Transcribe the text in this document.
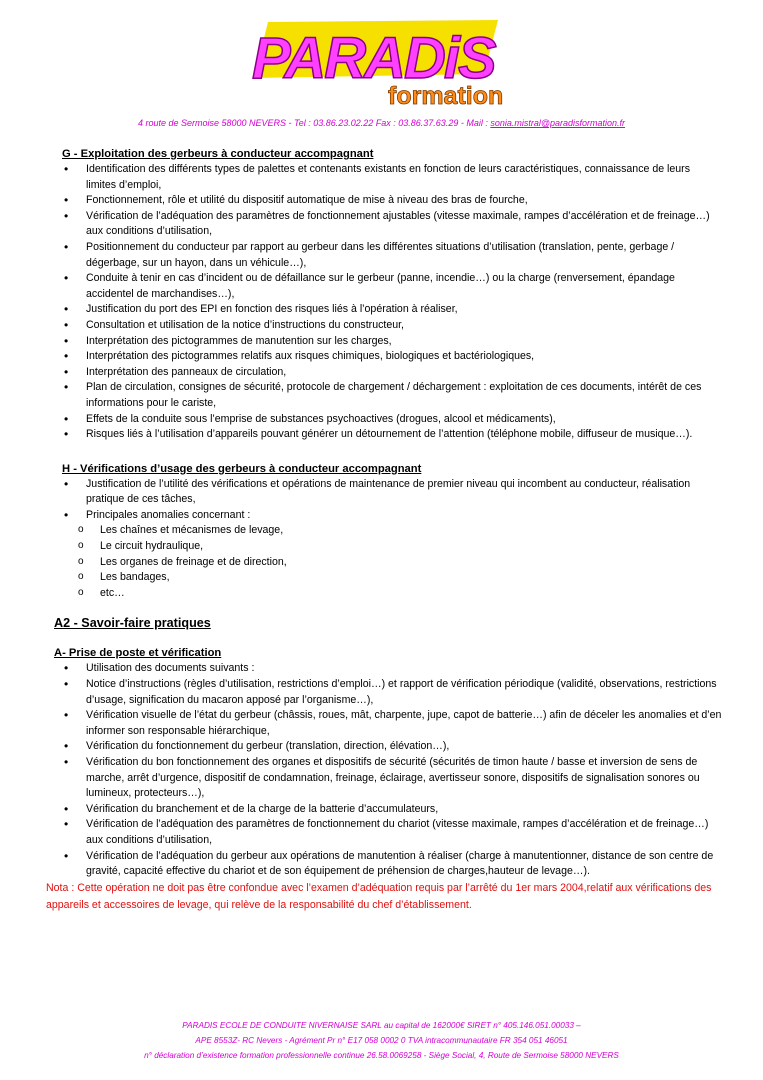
PARADiS
formation
4 route de Sermoise 58000 NEVERS - Tel : 03.86.23.02.22 Fax : 03.86.37.63.29 - Mail : sonia.mistral@paradisformation.fr
G - Exploitation des gerbeurs à conducteur accompagnant
• Identification des différents types de palettes et contenants existants en fonction de leurs caractéristiques, connaissance de leurs limites d’emploi,
• Fonctionnement, rôle et utilité du dispositif automatique de mise à niveau des bras de fourche,
• Vérification de l’adéquation des paramètres de fonctionnement ajustables (vitesse maximale, rampes d’accélération et de freinage…) aux conditions d’utilisation,
• Positionnement du conducteur par rapport au gerbeur dans les différentes situations d’utilisation (translation, pente, gerbage / dégerbage, sur un hayon, dans un véhicule…),
• Conduite à tenir en cas d’incident ou de défaillance sur le gerbeur (panne, incendie…) ou la charge (renversement, épandage accidentel de marchandises…),
• Justification du port des EPI en fonction des risques liés à l’opération à réaliser,
• Consultation et utilisation de la notice d’instructions du constructeur,
• Interprétation des pictogrammes de manutention sur les charges,
• Interprétation des pictogrammes relatifs aux risques chimiques, biologiques et bactériologiques,
• Interprétation des panneaux de circulation,
• Plan de circulation, consignes de sécurité, protocole de chargement / déchargement : exploitation de ces documents, intérêt de ces informations pour le cariste,
• Effets de la conduite sous l’emprise de substances psychoactives (drogues, alcool et médicaments),
• Risques liés à l’utilisation d’appareils pouvant générer un détournement de l’attention (téléphone mobile, diffuseur de musique…).
H - Vérifications d’usage des gerbeurs à conducteur accompagnant
• Justification de l’utilité des vérifications et opérations de maintenance de premier niveau qui incombent au conducteur, réalisation pratique de ces tâches,
• Principales anomalies concernant :
o Les chaînes et mécanismes de levage,
o Le circuit hydraulique,
o Les organes de freinage et de direction,
o Les bandages,
o etc…
A2 - Savoir-faire pratiques
A- Prise de poste et vérification
• Utilisation des documents suivants :
• Notice d’instructions (règles d’utilisation, restrictions d’emploi…) et rapport de vérification périodique (validité, observations, restrictions d’usage, signification du macaron apposé par l’organisme…),
• Vérification visuelle de l’état du gerbeur (châssis, roues, mât, charpente, jupe, capot de batterie…) afin de déceler les anomalies et d’en informer son responsable hiérarchique,
• Vérification du fonctionnement du gerbeur (translation, direction, élévation…),
• Vérification du bon fonctionnement des organes et dispositifs de sécurité (sécurités de timon haute / basse et inversion de sens de marche, arrêt d’urgence, dispositif de condamnation, freinage, éclairage, avertisseur sonore, dispositifs de signalisation sonores ou lumineux, protecteurs…),
• Vérification du branchement et de la charge de la batterie d’accumulateurs,
• Vérification de l’adéquation des paramètres de fonctionnement du chariot (vitesse maximale, rampes d’accélération et de freinage…) aux conditions d’utilisation,
• Vérification de l’adéquation du gerbeur aux opérations de manutention à réaliser (charge à manutentionner, distance de son centre de gravité, capacité effective du chariot et de son équipement de préhension de charges,hauteur de levage…).
Nota : Cette opération ne doit pas être confondue avec l’examen d’adéquation requis par l’arrêté du 1er mars 2004,relatif aux vérifications des appareils et accessoires de levage, qui relève de la responsabilité du chef d’établissement.
PARADIS ECOLE DE CONDUITE NIVERNAISE SARL au capital de 162000€ SIRET n° 405.146.051.00033 –
APE 8553Z- RC Nevers - Agrément Pr n° E17 058 0002 0 TVA intracommunautaire FR 354 051 46051
n° déclaration d’existence formation professionnelle continue 26.58.0069258 - Siège Social, 4, Route de Sermoise 58000 NEVERS
